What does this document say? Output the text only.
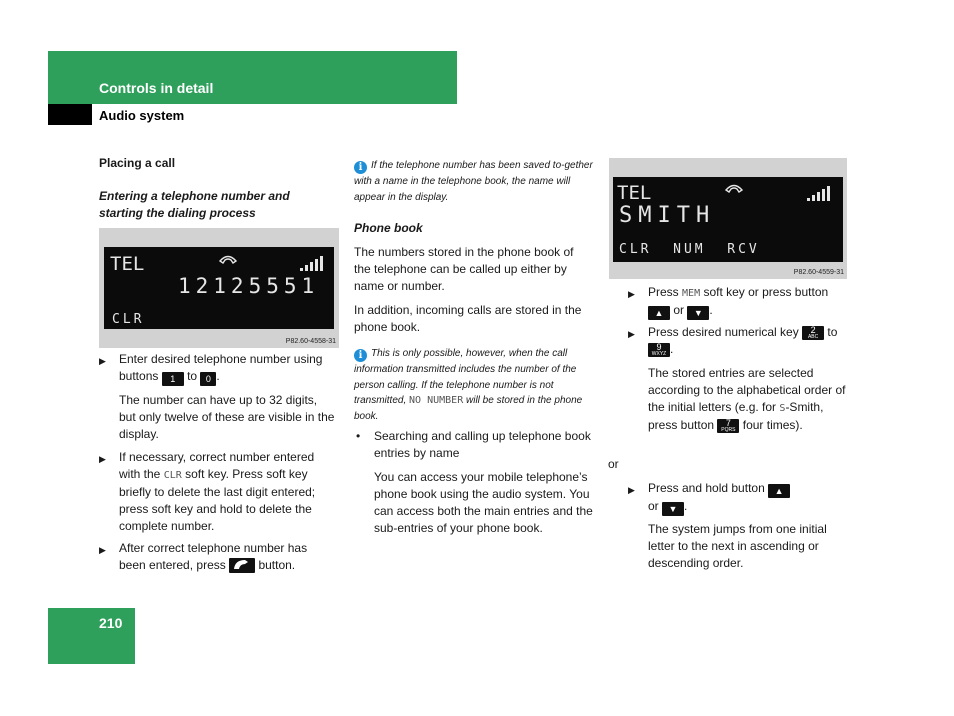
Controls in detail
Audio system
Placing a call
Entering a telephone number and starting the dialing process
TEL
12125551
CLR
P82.60-4558-31
▶ Enter desired telephone number using buttons 1 to 0 .
The number can have up to 32 digits, but only twelve of these are visible in the display.
▶ If necessary, correct number entered with the CLR soft key. Press soft key briefly to delete the last digit entered; press soft key and hold to delete the complete number.
▶ After correct telephone number has been entered, press	button.
i If the telephone number has been saved to-gether with a name in the telephone book, the name will appear in the display.
Phone book
The numbers stored in the phone book of the telephone can be called up either by name or number.
In addition, incoming calls are stored in the phone book.
i This is only possible, however, when the call information transmitted includes the number of the person calling. If the telephone number is not transmitted, NO NUMBER will be stored in the phone book.
• Searching and calling up telephone book entries by name
You can access your mobile telephone’s phone book using the audio system. You can access both the main entries and the sub-entries of your phone book.
TEL
SMITH
CLR  NUM  RCV
P82.60-4559-31
▶ Press MEM soft key or press button ▲ or ▼ .
▶ Press desired numerical key 2
ABC to 9
WXYZ .
The stored entries are selected according to the alphabetical order of the initial letters (e.g. for S-Smith, press button 7
PQRS four times).
or
▶ Press and hold button ▲
or ▼ .
The system jumps from one initial letter to the next in ascending or descending order.
210
